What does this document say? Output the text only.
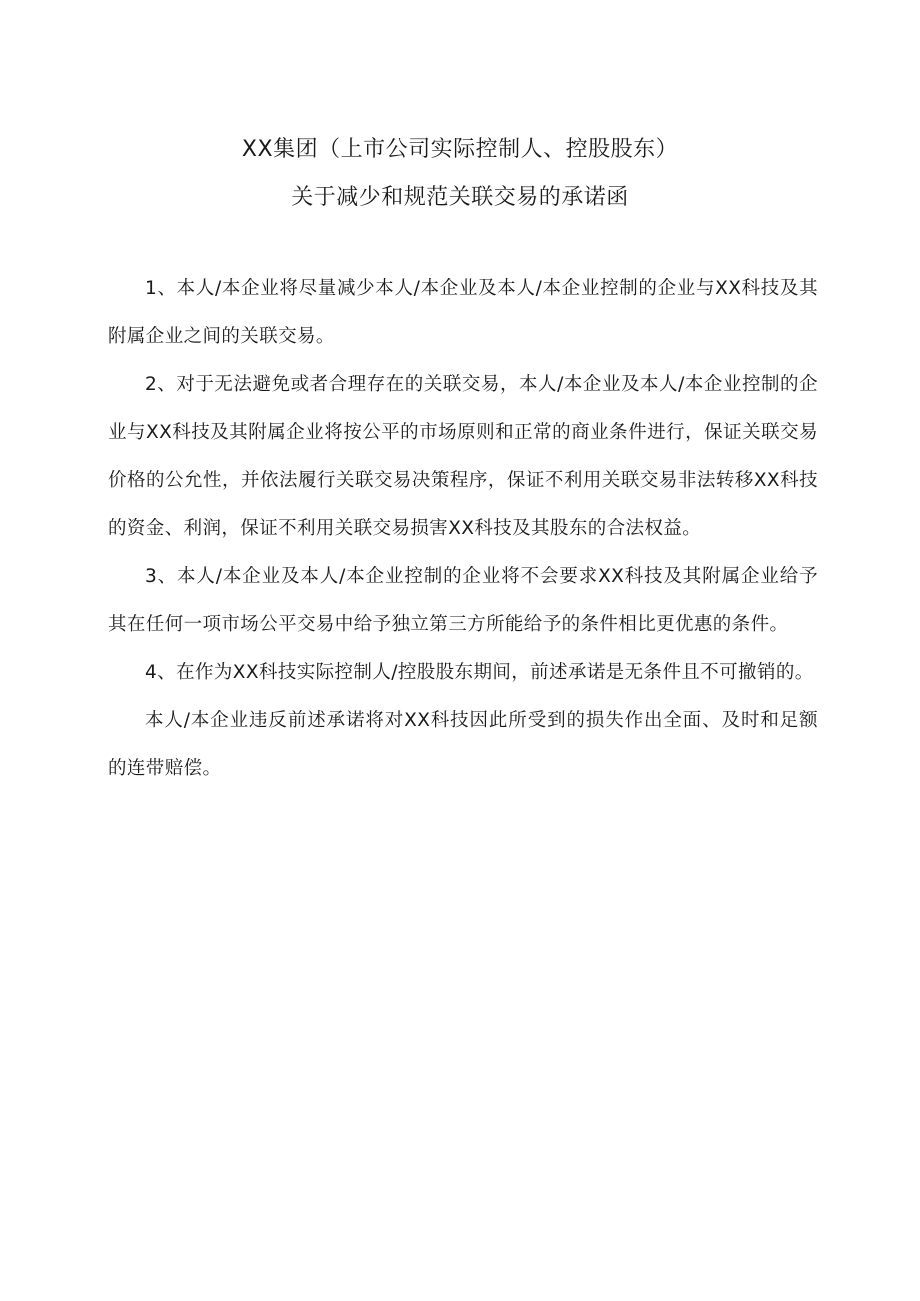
XX集团（上市公司实际控制人、控股股东）
关于减少和规范关联交易的承诺函

1、本人/本企业将尽量减少本人/本企业及本人/本企业控制的企业与XX科技及其附属企业之间的关联交易。

2、对于无法避免或者合理存在的关联交易，本人/本企业及本人/本企业控制的企业与XX科技及其附属企业将按公平的市场原则和正常的商业条件进行，保证关联交易价格的公允性，并依法履行关联交易决策程序，保证不利用关联交易非法转移XX科技的资金、利润，保证不利用关联交易损害XX科技及其股东的合法权益。

3、本人/本企业及本人/本企业控制的企业将不会要求XX科技及其附属企业给予其在任何一项市场公平交易中给予独立第三方所能给予的条件相比更优惠的条件。

4、在作为XX科技实际控制人/控股股东期间，前述承诺是无条件且不可撤销的。

本人/本企业违反前述承诺将对XX科技因此所受到的损失作出全面、及时和足额的连带赔偿。
